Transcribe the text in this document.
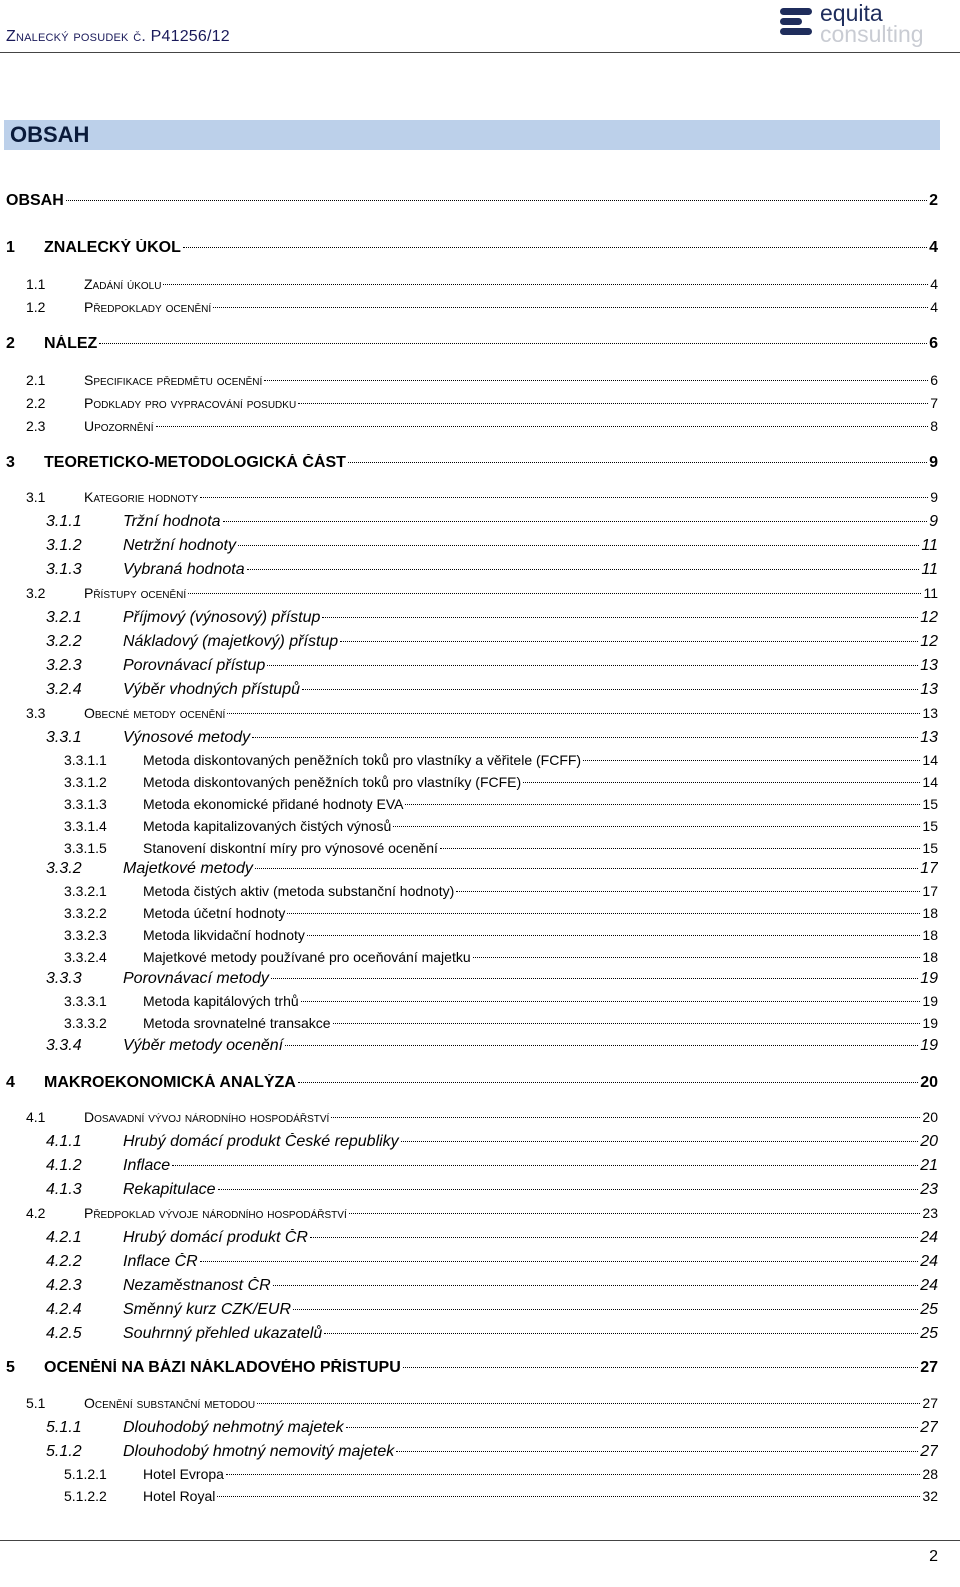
Znalecký posudek č. P41256/12
equita
consulting
OBSAH
OBSAH	2
1	ZNALECKÝ ÚKOL	4
1.1	Zadání úkolu	4
1.2	Předpoklady ocenění	4
2	NÁLEZ	6
2.1	Specifikace předmětu ocenění	6
2.2	Podklady pro vypracování posudku	7
2.3	Upozornění	8
3	TEORETICKO-METODOLOGICKÁ ČÁST	9
3.1	Kategorie hodnoty	9
3.1.1	Tržní hodnota	9
3.1.2	Netržní hodnoty	11
3.1.3	Vybraná hodnota	11
3.2	Přístupy ocenění	11
3.2.1	Příjmový (výnosový) přístup	12
3.2.2	Nákladový (majetkový) přístup	12
3.2.3	Porovnávací přístup	13
3.2.4	Výběr vhodných přístupů	13
3.3	Obecné metody ocenění	13
3.3.1	Výnosové metody	13
3.3.1.1	Metoda diskontovaných peněžních toků pro vlastníky a věřitele (FCFF)	14
3.3.1.2	Metoda diskontovaných peněžních toků pro vlastníky (FCFE)	14
3.3.1.3	Metoda ekonomické přidané hodnoty EVA	15
3.3.1.4	Metoda kapitalizovaných čistých výnosů	15
3.3.1.5	Stanovení diskontní míry pro výnosové ocenění	15
3.3.2	Majetkové metody	17
3.3.2.1	Metoda čistých aktiv (metoda substanční hodnoty)	17
3.3.2.2	Metoda účetní hodnoty	18
3.3.2.3	Metoda likvidační hodnoty	18
3.3.2.4	Majetkové metody používané pro oceňování majetku	18
3.3.3	Porovnávací metody	19
3.3.3.1	Metoda kapitálových trhů	19
3.3.3.2	Metoda srovnatelné transakce	19
3.3.4	Výběr metody ocenění	19
4	MAKROEKONOMICKÁ ANALÝZA	20
4.1	Dosavadní vývoj národního hospodářství	20
4.1.1	Hrubý domácí produkt České republiky	20
4.1.2	Inflace	21
4.1.3	Rekapitulace	23
4.2	Předpoklad vývoje národního hospodářství	23
4.2.1	Hrubý domácí produkt ČR	24
4.2.2	Inflace ČR	24
4.2.3	Nezaměstnanost ČR	24
4.2.4	Směnný kurz CZK/EUR	25
4.2.5	Souhrnný přehled ukazatelů	25
5	OCENĚNÍ NA BÁZI NÁKLADOVÉHO PŘÍSTUPU	27
5.1	Ocenění substanční metodou	27
5.1.1	Dlouhodobý nehmotný majetek	27
5.1.2	Dlouhodobý hmotný nemovitý majetek	27
5.1.2.1	Hotel Evropa	28
5.1.2.2	Hotel Royal	32
2
